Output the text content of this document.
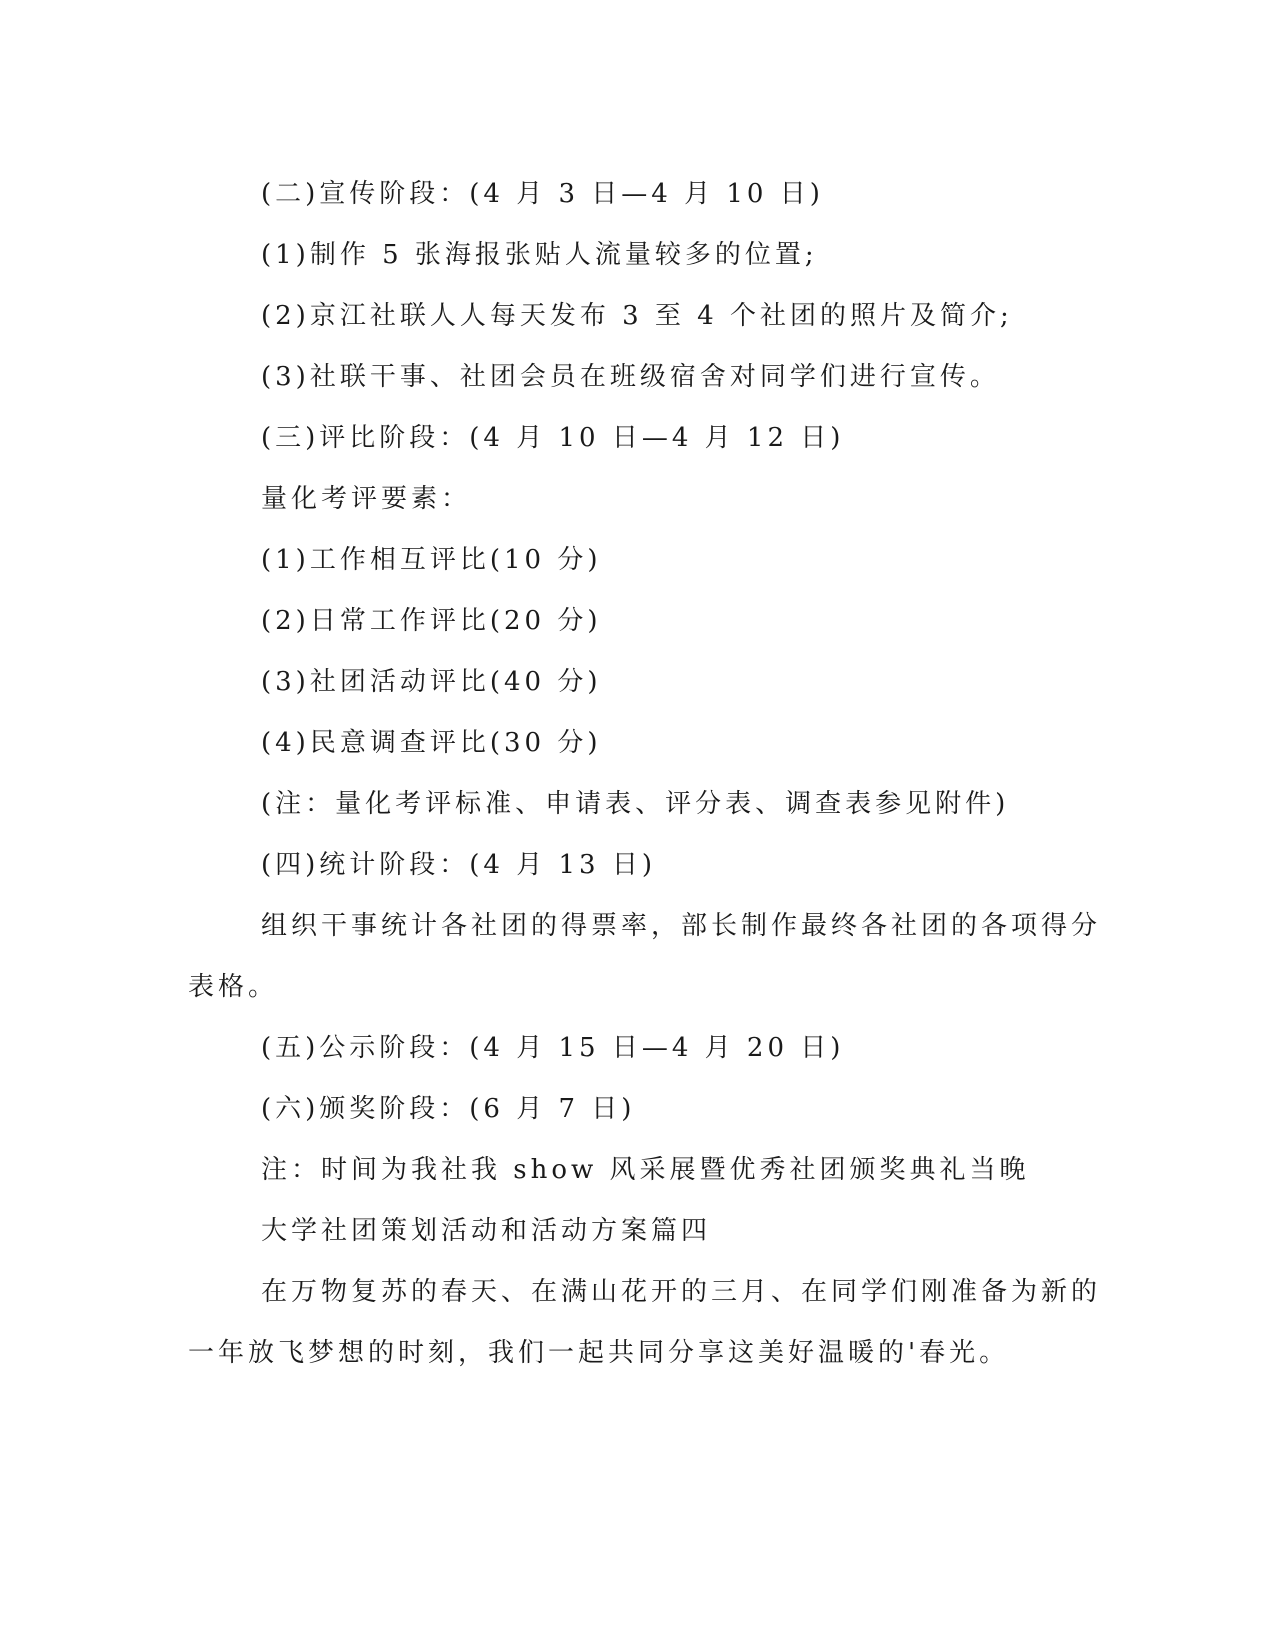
(二)宣传阶段：(4 月 3 日—4 月 10 日)

(1)制作 5 张海报张贴人流量较多的位置;

(2)京江社联人人每天发布 3 至 4 个社团的照片及简介;

(3)社联干事、社团会员在班级宿舍对同学们进行宣传。

(三)评比阶段：(4 月 10 日—4 月 12 日)

量化考评要素：

(1)工作相互评比(10 分)

(2)日常工作评比(20 分)

(3)社团活动评比(40 分)

(4)民意调查评比(30 分)

(注：量化考评标准、申请表、评分表、调查表参见附件)

(四)统计阶段：(4 月 13 日)

组织干事统计各社团的得票率，部长制作最终各社团的各项得分

表格。

(五)公示阶段：(4 月 15 日—4 月 20 日)

(六)颁奖阶段：(6 月 7 日)

注：时间为我社我 show 风采展暨优秀社团颁奖典礼当晚

大学社团策划活动和活动方案篇四

在万物复苏的春天、在满山花开的三月、在同学们刚准备为新的

一年放飞梦想的时刻，我们一起共同分享这美好温暖的'春光。
